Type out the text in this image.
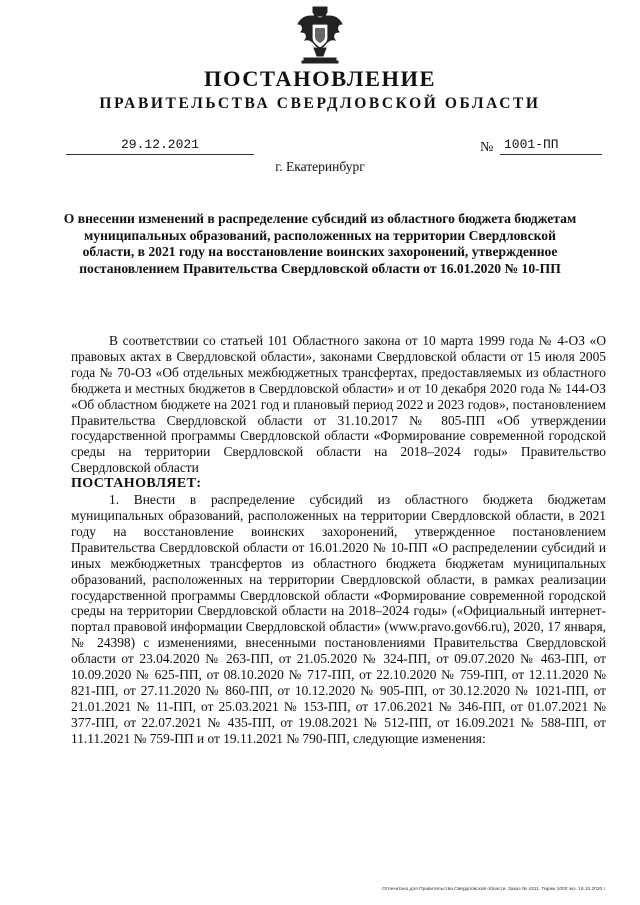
ПОСТАНОВЛЕНИЕ
ПРАВИТЕЛЬСТВА СВЕРДЛОВСКОЙ ОБЛАСТИ
29.12.2021	№ 1001-ПП
г. Екатеринбург
О внесении изменений в распределение субсидий из областного бюджета бюджетам муниципальных образований, расположенных на территории Свердловской области, в 2021 году на восстановление воинских захоронений, утвержденное постановлением Правительства Свердловской области от 16.01.2020 № 10-ПП

В соответствии со статьей 101 Областного закона от 10 марта 1999 года № 4-ОЗ «О правовых актах в Свердловской области», законами Свердловской области от 15 июля 2005 года № 70-ОЗ «Об отдельных межбюджетных трансфертах, предоставляемых из областного бюджета и местных бюджетов в Свердловской области» и от 10 декабря 2020 года № 144-ОЗ «Об областном бюджете на 2021 год и плановый период 2022 и 2023 годов», постановлением Правительства Свердловской области от 31.10.2017 № 805-ПП «Об утверждении государственной программы Свердловской области «Формирование современной городской среды на территории Свердловской области на 2018–2024 годы» Правительство Свердловской области

ПОСТАНОВЛЯЕТ:

1. Внести в распределение субсидий из областного бюджета бюджетам муниципальных образований, расположенных на территории Свердловской области, в 2021 году на восстановление воинских захоронений, утвержденное постановлением Правительства Свердловской области от 16.01.2020 № 10-ПП «О распределении субсидий и иных межбюджетных трансфертов из областного бюджета бюджетам муниципальных образований, расположенных на территории Свердловской области, в рамках реализации государственной программы Свердловской области «Формирование современной городской среды на территории Свердловской области на 2018–2024 годы» («Официальный интернет-портал правовой информации Свердловской области» (www.pravo.gov66.ru), 2020, 17 января, № 24398) с изменениями, внесенными постановлениями Правительства Свердловской области от 23.04.2020 № 263-ПП, от 21.05.2020 № 324-ПП, от 09.07.2020 № 463-ПП, от 10.09.2020 № 625-ПП, от 08.10.2020 № 717-ПП, от 22.10.2020 № 759-ПП, от 12.11.2020 № 821-ПП, от 27.11.2020 № 860-ПП, от 10.12.2020 № 905-ПП, от 30.12.2020 № 1021-ПП, от 21.01.2021 № 11-ПП, от 25.03.2021 № 153-ПП, от 17.06.2021 № 346-ПП, от 01.07.2021 № 377-ПП, от 22.07.2021 № 435-ПП, от 19.08.2021 № 512-ПП, от 16.09.2021 № 588-ПП, от 11.11.2021 № 759-ПП и от 19.11.2021 № 790-ПП, следующие изменения:

Отпечатано для Правительства Свердловской области. Заказ № 4311. Тираж 1000 экз. 16.10.2020 г.
